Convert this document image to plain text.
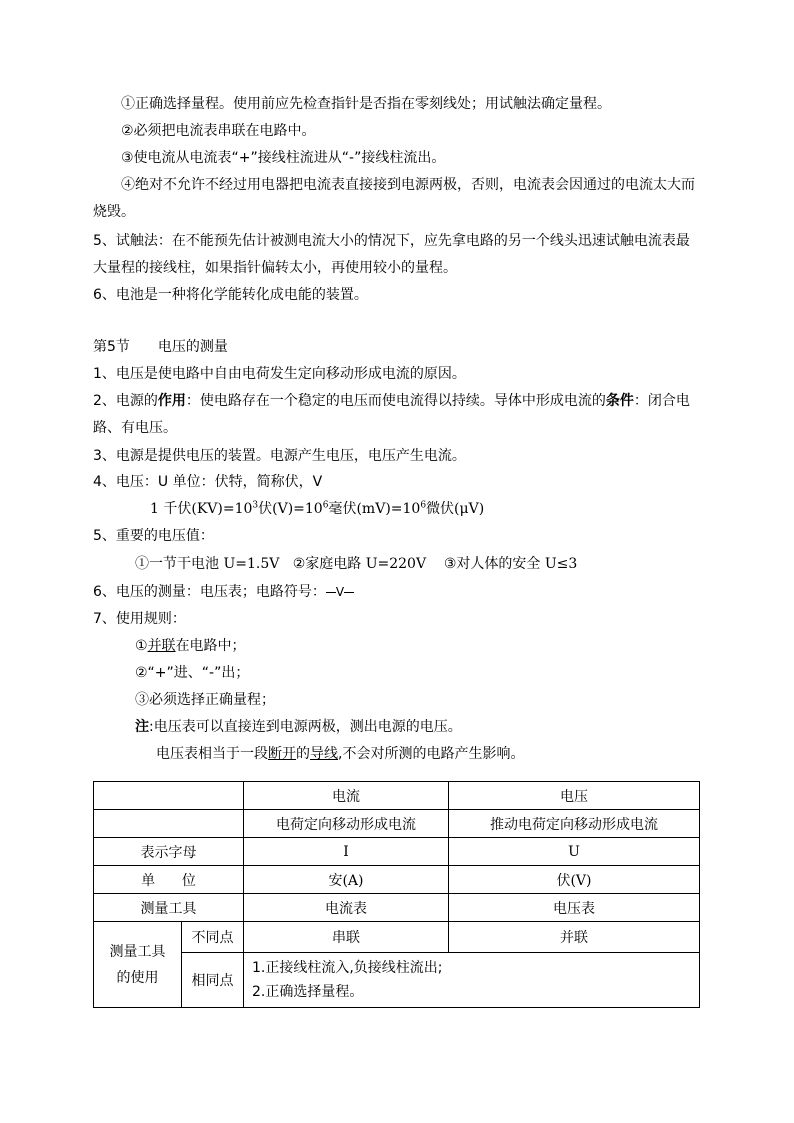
①正确选择量程。使用前应先检查指针是否指在零刻线处；用试触法确定量程。
②必须把电流表串联在电路中。
③使电流从电流表“+”接线柱流进从“-”接线柱流出。
④绝对不允许不经过用电器把电流表直接接到电源两极，否则，电流表会因通过的电流太大而
烧毁。
5、试触法：在不能预先估计被测电流大小的情况下，应先拿电路的另一个线头迅速试触电流表最
大量程的接线柱，如果指针偏转太小，再使用较小的量程。
6、电池是一种将化学能转化成电能的装置。
第5节 电压的测量
1、电压是使电路中自由电荷发生定向移动形成电流的原因。
2、电源的作用：使电路存在一个稳定的电压而使电流得以持续。导体中形成电流的条件：闭合电
路、有电压。
3、电源是提供电压的装置。电源产生电压，电压产生电流。
4、电压：U 单位：伏特，简称伏，V
1 千伏$(KV)=10^3$伏$(V)=10^6$毫伏$(mV)=10^6$微伏(μV)
5、重要的电压值：
①一节干电池 U=1.5V   ②家庭电路 U=220V    ③对人体的安全 U≤3
6、电压的测量：电压表；电路符号： V
7、使用规则：
①并联在电路中；
②“+”进、“-”出；
③必须选择正确量程；
注:电压表可以直接连到电源两极，测出电源的电压。
电压表相当于一段断开的导线,不会对所测的电路产生影响。
		电流	电压
		电荷定向移动形成电流	推动电荷定向移动形成电流
表示字母		I	U
单      位		安(A)	伏(V)
测量工具		电流表	电压表
测量工具的使用	不同点	串联	并联
	相同点	1.正接线柱流入,负接线柱流出;
2.正确选择量程。	
